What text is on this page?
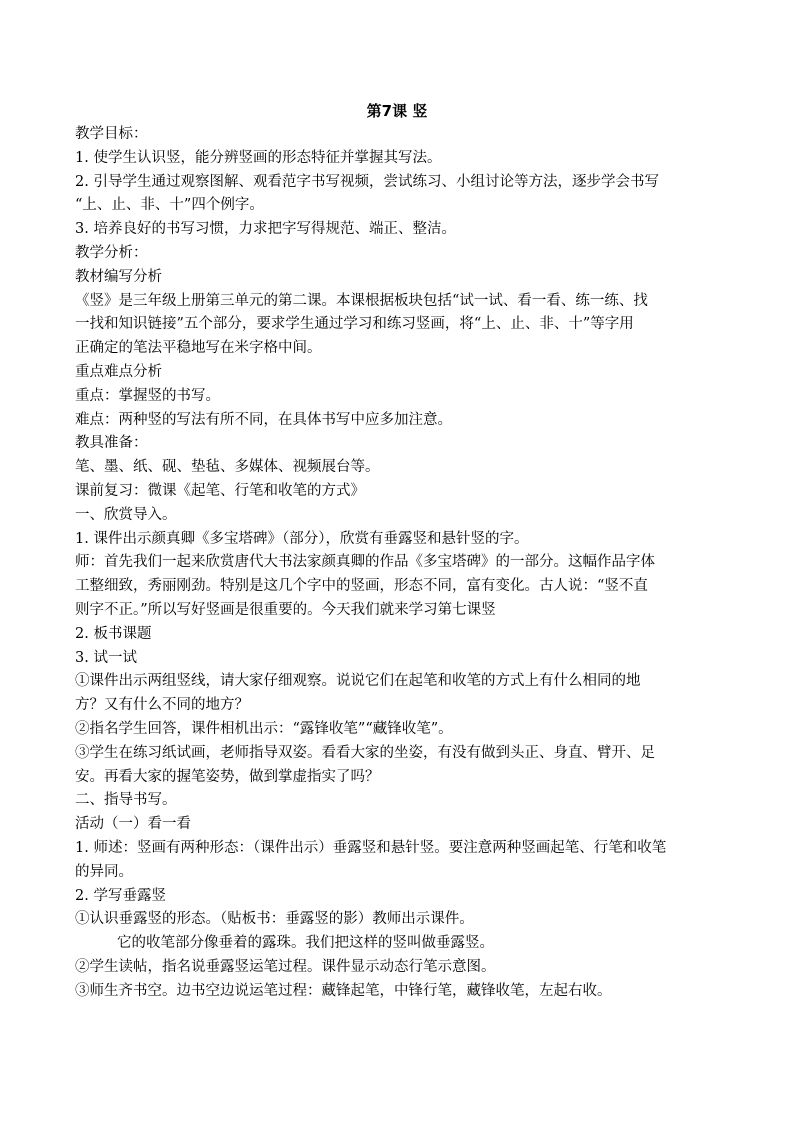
第7课 竖

教学目标：

1. 使学生认识竖，能分辨竖画的形态特征并掌握其写法。

2. 引导学生通过观察图解、观看范字书写视频，尝试练习、小组讨论等方法，逐步学会书写

“上、止、非、十”四个例字。

3. 培养良好的书写习惯，力求把字写得规范、端正、整洁。

教学分析：

教材编写分析

《竖》是三年级上册第三单元的第二课。本课根据板块包括“试一试、看一看、练一练、找

一找和知识链接”五个部分，要求学生通过学习和练习竖画，将“上、止、非、十”等字用

正确定的笔法平稳地写在米字格中间。

重点难点分析

重点：掌握竖的书写。

难点：两种竖的写法有所不同，在具体书写中应多加注意。

教具准备：

笔、墨、纸、砚、垫毡、多媒体、视频展台等。

课前复习：微课《起笔、行笔和收笔的方式》

一、欣赏导入。

1. 课件出示颜真卿《多宝塔碑》（部分），欣赏有垂露竖和悬针竖的字。

师：首先我们一起来欣赏唐代大书法家颜真卿的作品《多宝塔碑》的一部分。这幅作品字体

工整细致，秀丽刚劲。特别是这几个字中的竖画，形态不同，富有变化。古人说：“竖不直

则字不正。”所以写好竖画是很重要的。今天我们就来学习第七课竖

2. 板书课题

3. 试一试

①课件出示两组竖线，请大家仔细观察。说说它们在起笔和收笔的方式上有什么相同的地

方？又有什么不同的地方？

②指名学生回答，课件相机出示：“露锋收笔”“藏锋收笔”。

③学生在练习纸试画，老师指导双姿。看看大家的坐姿，有没有做到头正、身直、臂开、足

安。再看大家的握笔姿势，做到掌虚指实了吗？

二、指导书写。

活动（一）看一看

1. 师述：竖画有两种形态：（课件出示）垂露竖和悬针竖。要注意两种竖画起笔、行笔和收笔

的异同。

2. 学写垂露竖

①认识垂露竖的形态。（贴板书：垂露竖的影）教师出示课件。

它的收笔部分像垂着的露珠。我们把这样的竖叫做垂露竖。

②学生读帖，指名说垂露竖运笔过程。课件显示动态行笔示意图。

③师生齐书空。边书空边说运笔过程：藏锋起笔，中锋行笔，藏锋收笔，左起右收。
